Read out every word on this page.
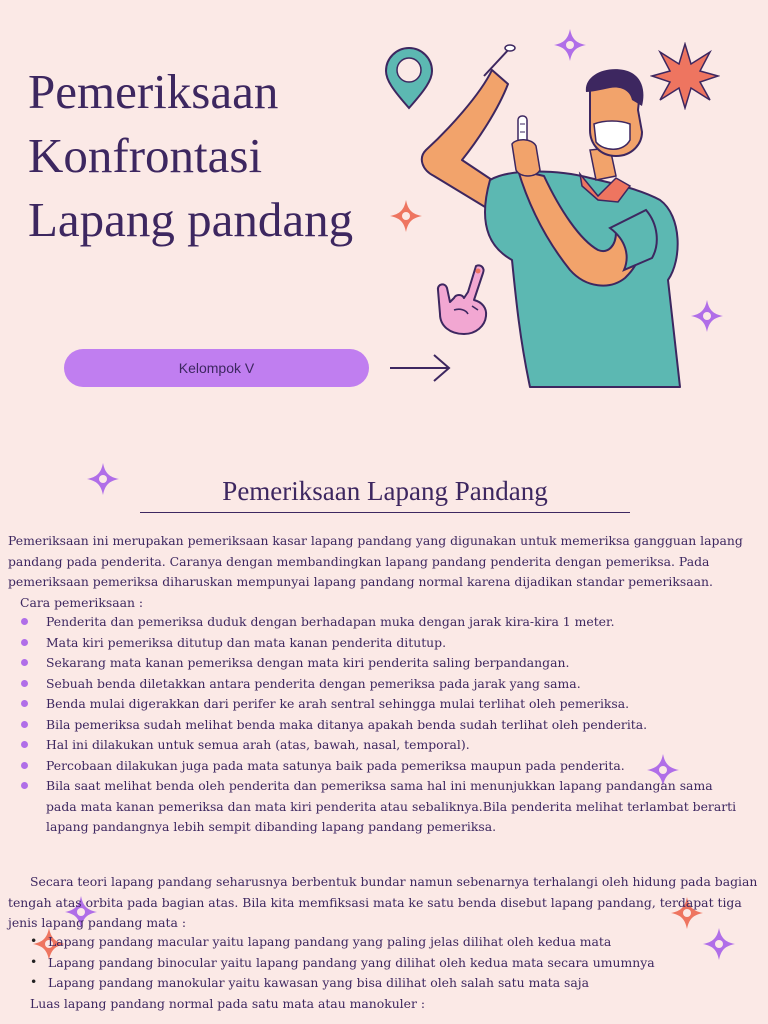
Pemeriksaan
Konfrontasi
Lapang pandang
Kelompok V
Pemeriksaan Lapang Pandang
Pemeriksaan ini merupakan pemeriksaan kasar lapang pandang yang digunakan untuk memeriksa gangguan lapang pandang pada penderita. Caranya dengan membandingkan lapang pandang penderita dengan pemeriksa. Pada pemeriksaan pemeriksa diharuskan mempunyai lapang pandang normal karena dijadikan standar pemeriksaan.
Cara pemeriksaan :
Penderita dan pemeriksa duduk dengan berhadapan muka dengan jarak kira-kira 1 meter.
Mata kiri pemeriksa ditutup dan mata kanan penderita ditutup.
Sekarang mata kanan pemeriksa dengan mata kiri penderita saling berpandangan.
Sebuah benda diletakkan antara penderita dengan pemeriksa pada jarak yang sama.
Benda mulai digerakkan dari perifer ke arah sentral sehingga mulai terlihat oleh pemeriksa.
Bila pemeriksa sudah melihat benda maka ditanya apakah benda sudah terlihat oleh penderita.
Hal ini dilakukan untuk semua arah (atas, bawah, nasal, temporal).
Percobaan dilakukan juga pada mata satunya baik pada pemeriksa maupun pada penderita.
Bila saat melihat benda oleh penderita dan pemeriksa sama hal ini menunjukkan lapang pandangan sama pada mata kanan pemeriksa dan mata kiri penderita atau sebaliknya.Bila penderita melihat terlambat berarti lapang pandangnya lebih sempit dibanding lapang pandang pemeriksa.
Secara teori lapang pandang seharusnya berbentuk bundar namun sebenarnya terhalangi oleh hidung pada bagian tengah atas orbita pada bagian atas. Bila kita memfiksasi mata ke satu benda disebut lapang pandang, terdapat tiga jenis lapang pandang mata :
• Lapang pandang macular yaitu lapang pandang yang paling jelas dilihat oleh kedua mata
• Lapang pandang binocular yaitu lapang pandang yang dilihat oleh kedua mata secara umumnya
• Lapang pandang manokular yaitu kawasan yang bisa dilihat oleh salah satu mata saja
Luas lapang pandang normal pada satu mata atau manokuler :
